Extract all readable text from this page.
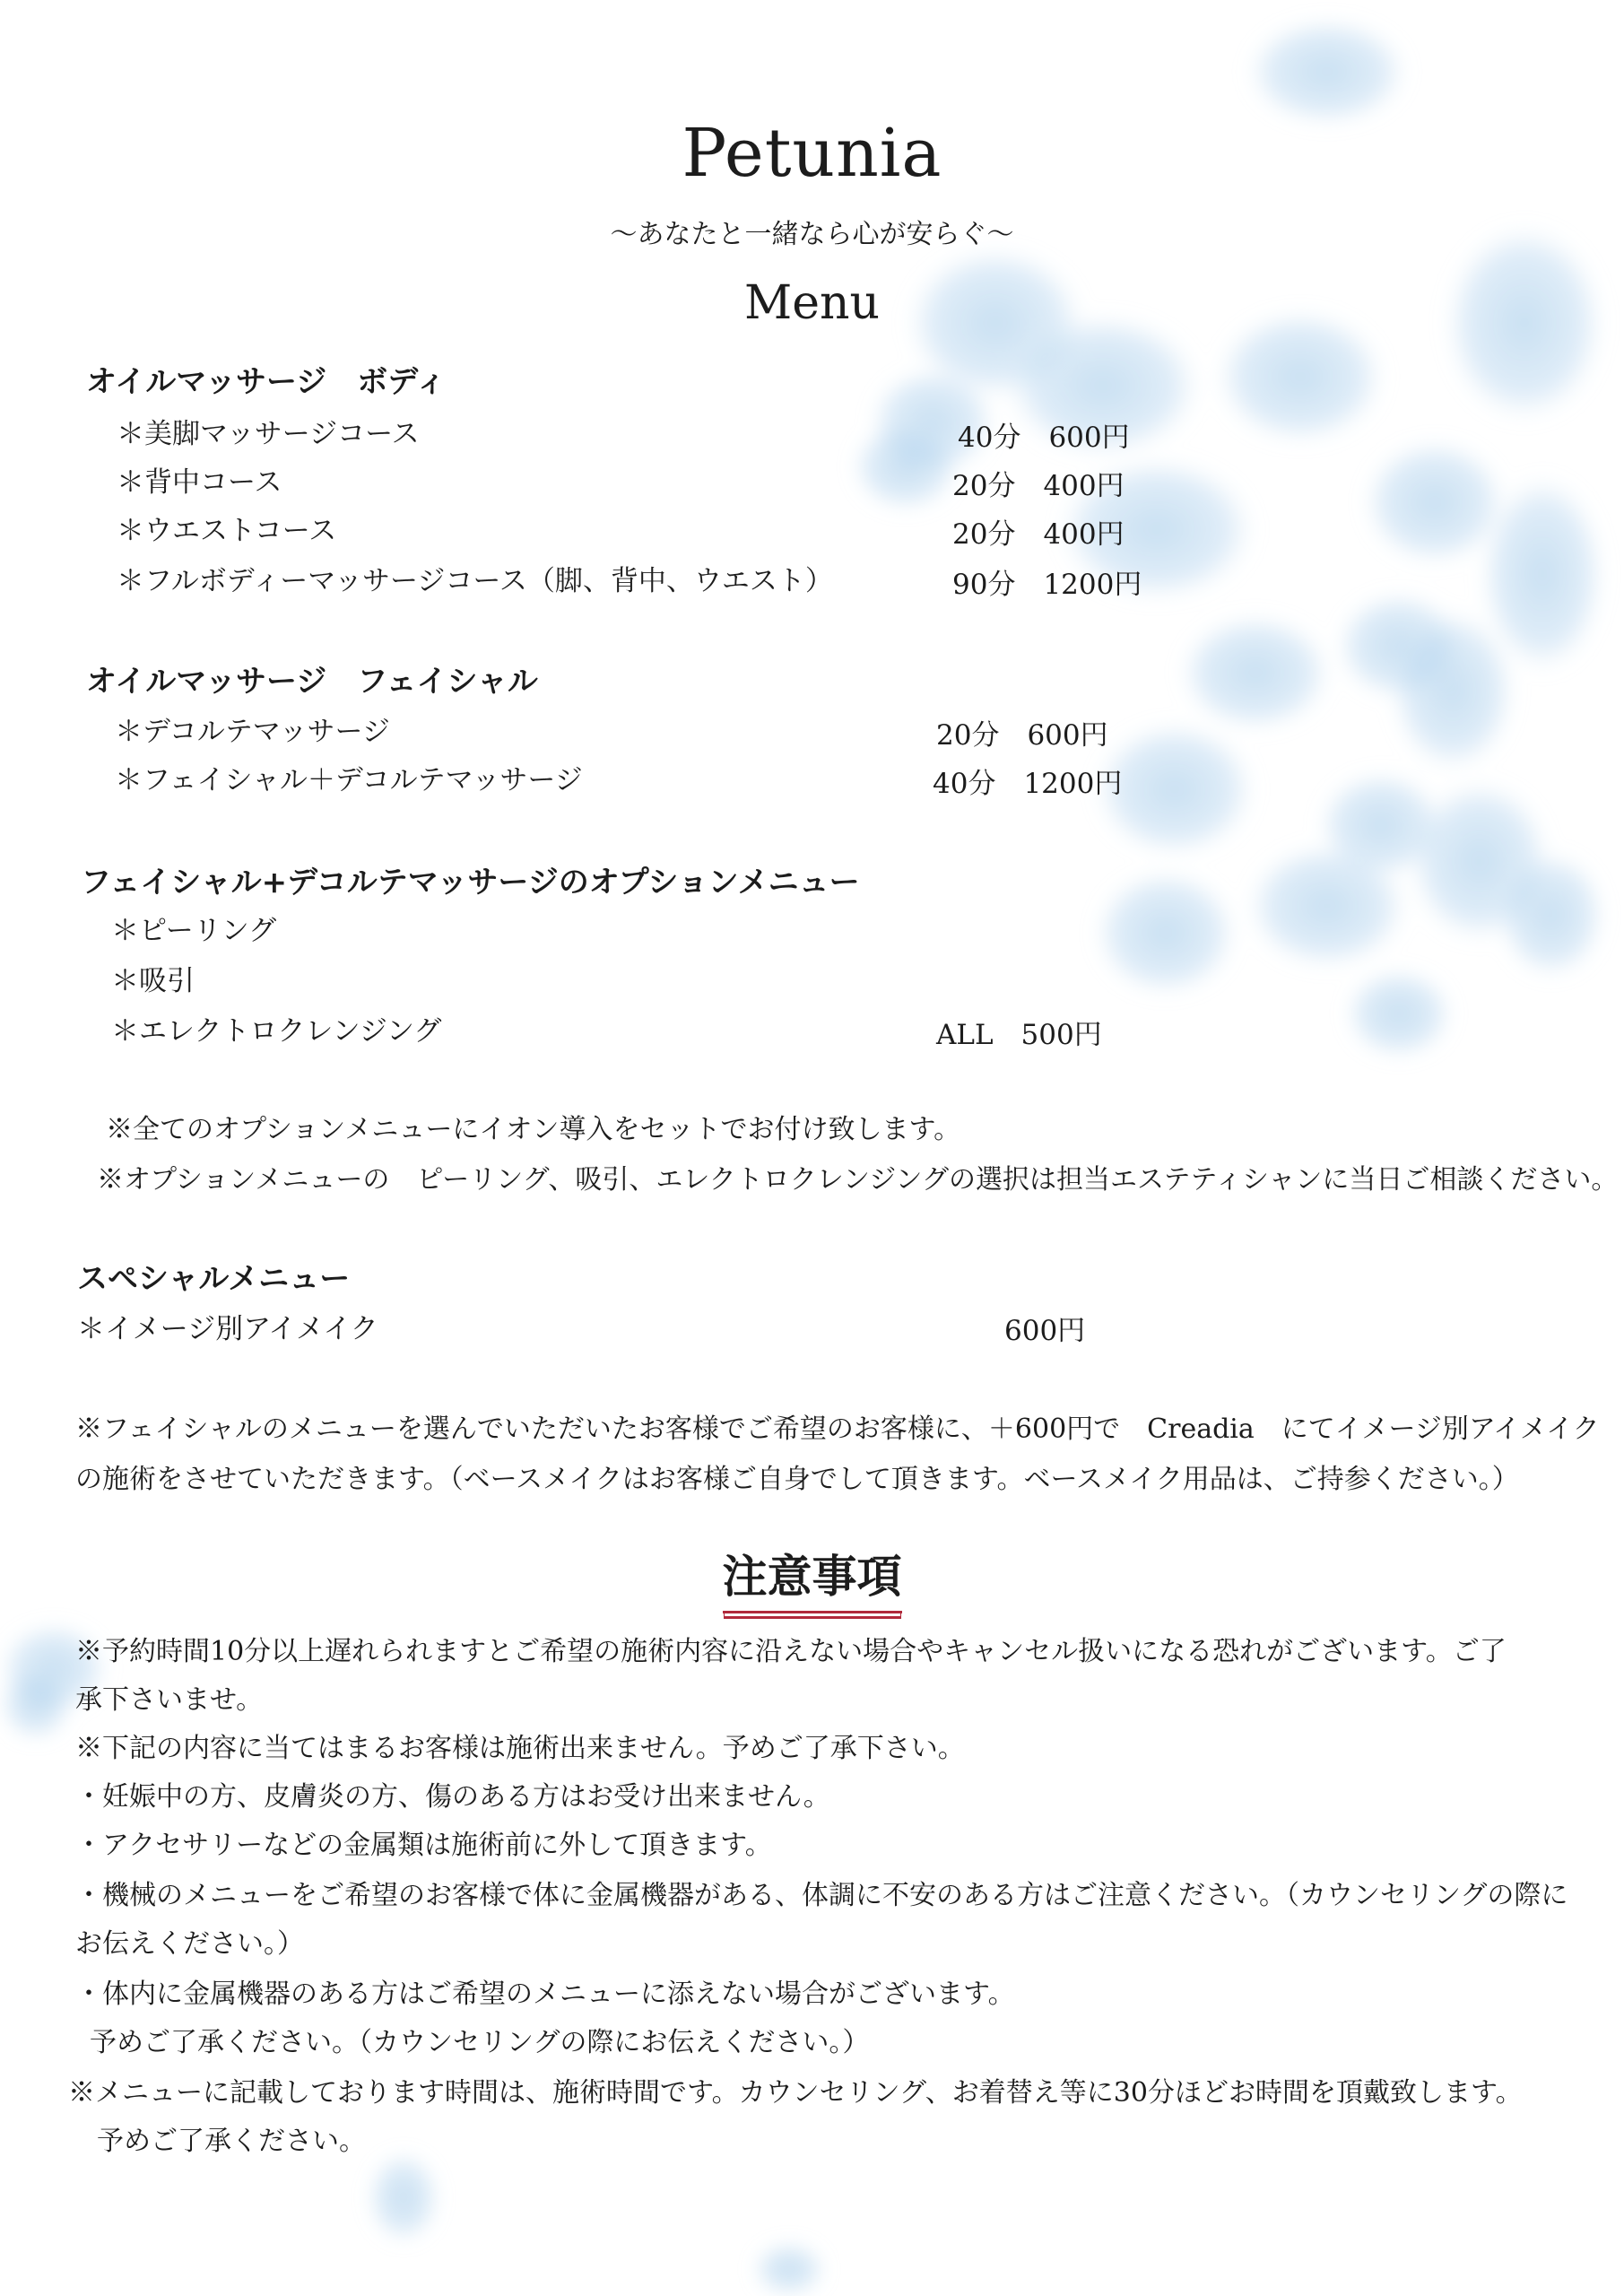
Petunia
～あなたと一緒なら心が安らぐ～
Menu
オイルマッサージ　ボディ
＊美脚マッサージコース	40分　600円
＊背中コース	20分　400円
＊ウエストコース	20分　400円
＊フルボディーマッサージコース（脚、背中、ウエスト）	90分　1200円
オイルマッサージ　フェイシャル
＊デコルテマッサージ	20分　600円
＊フェイシャル＋デコルテマッサージ	40分　1200円
フェイシャル+デコルテマッサージのオプションメニュー
＊ピーリング
＊吸引
＊エレクトロクレンジング	ALL　500円
※全てのオプションメニューにイオン導入をセットでお付け致します。
※オプションメニューの　ピーリング、吸引、エレクトロクレンジングの選択は担当エステティシャンに当日ご相談ください。
スペシャルメニュー
＊イメージ別アイメイク	600円
※フェイシャルのメニューを選んでいただいたお客様でご希望のお客様に、＋600円で　Creadia　にてイメージ別アイメイク
の施術をさせていただきます。（ベースメイクはお客様ご自身でして頂きます。ベースメイク用品は、ご持参ください。）
注意事項
※予約時間10分以上遅れられますとご希望の施術内容に沿えない場合やキャンセル扱いになる恐れがございます。ご了
承下さいませ。
※下記の内容に当てはまるお客様は施術出来ません。予めご了承下さい。
・妊娠中の方、皮膚炎の方、傷のある方はお受け出来ません。
・アクセサリーなどの金属類は施術前に外して頂きます。
・機械のメニューをご希望のお客様で体に金属機器がある、体調に不安のある方はご注意ください。（カウンセリングの際に
お伝えください。）
・体内に金属機器のある方はご希望のメニューに添えない場合がございます。
予めご了承ください。（カウンセリングの際にお伝えください。）
※メニューに記載しております時間は、施術時間です。カウンセリング、お着替え等に30分ほどお時間を頂戴致します。
予めご了承ください。
